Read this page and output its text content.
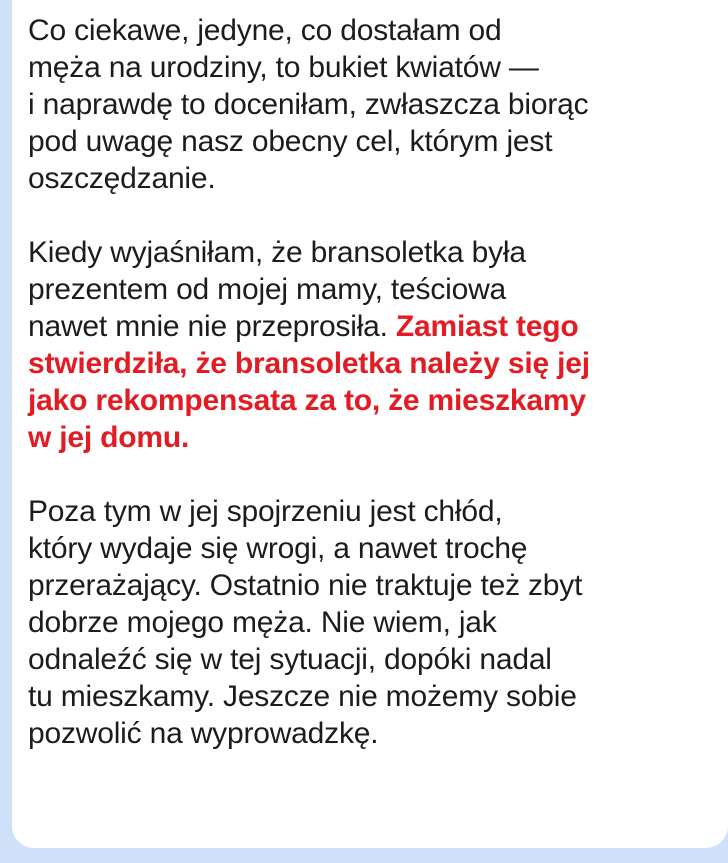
Co ciekawe, jedyne, co dostałam od
męża na urodziny, to bukiet kwiatów —
i naprawdę to doceniłam, zwłaszcza biorąc
pod uwagę nasz obecny cel, którym jest
oszczędzanie.

Kiedy wyjaśniłam, że bransoletka była
prezentem od mojej mamy, teściowa
nawet mnie nie przeprosiła. Zamiast tego
stwierdziła, że bransoletka należy się jej
jako rekompensata za to, że mieszkamy
w jej domu.

Poza tym w jej spojrzeniu jest chłód,
który wydaje się wrogi, a nawet trochę
przerażający. Ostatnio nie traktuje też zbyt
dobrze mojego męża. Nie wiem, jak
odnaleźć się w tej sytuacji, dopóki nadal
tu mieszkamy. Jeszcze nie możemy sobie
pozwolić na wyprowadzkę.
